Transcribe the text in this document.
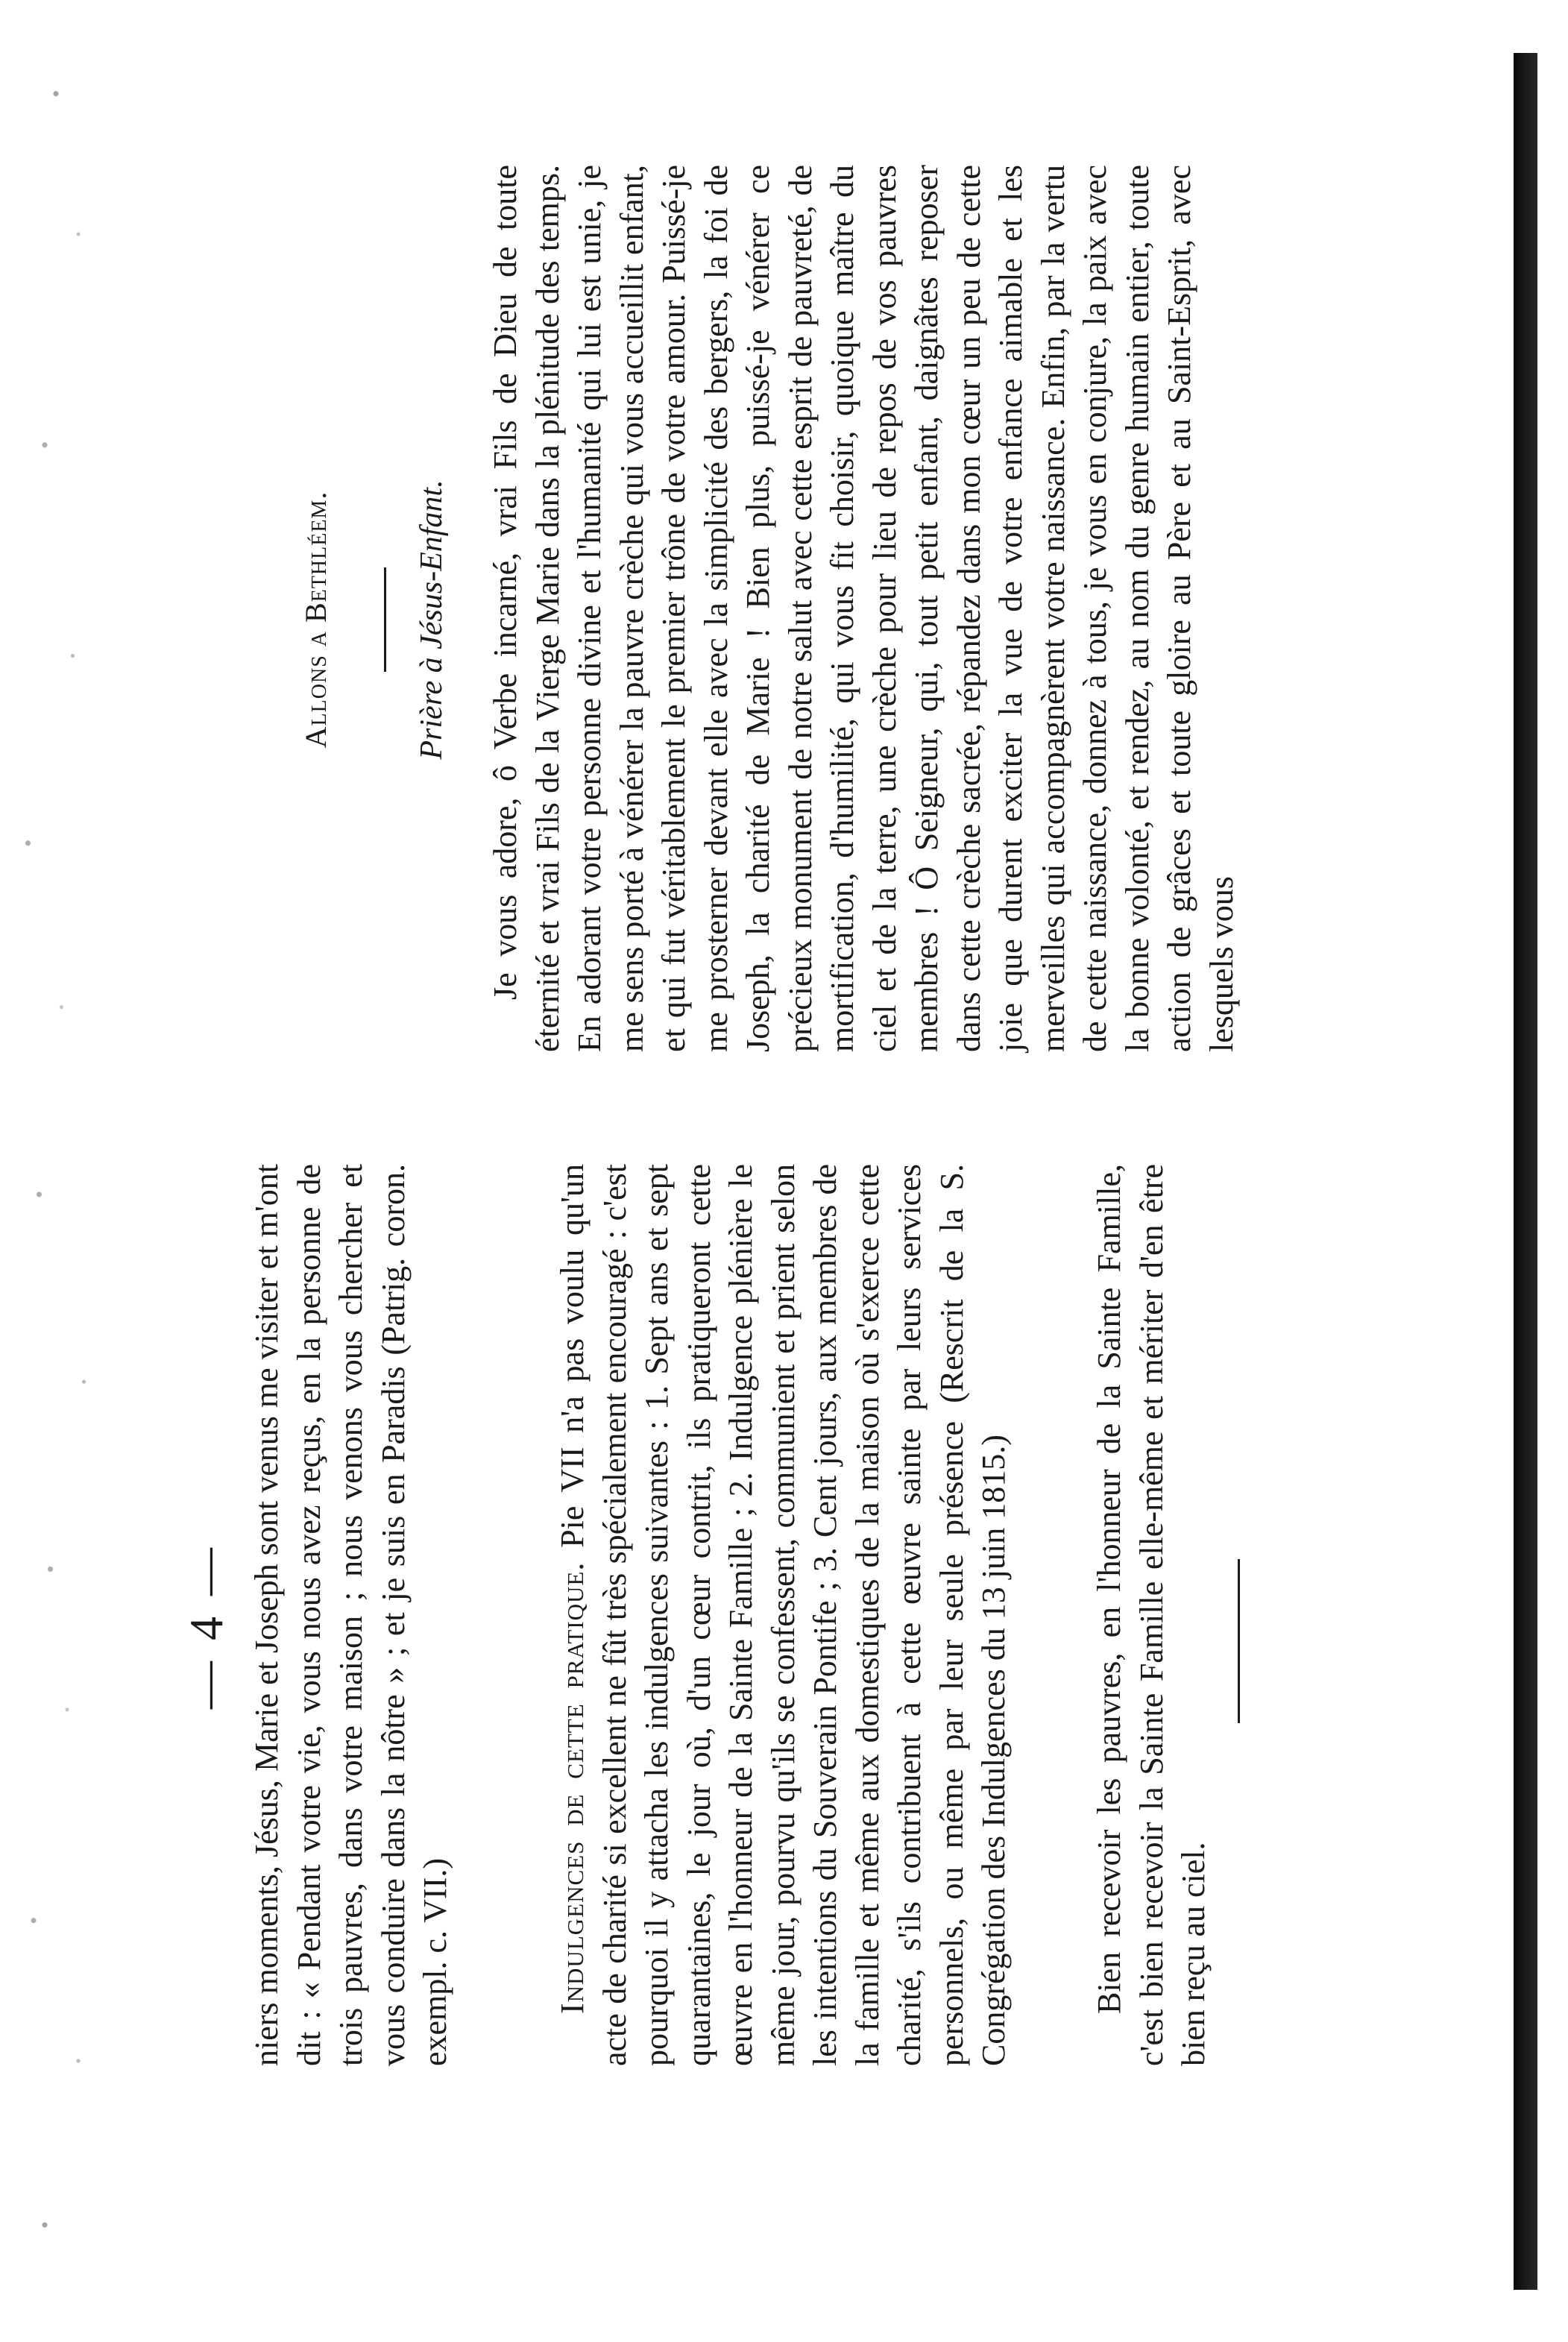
— 4 — niers moments, Jésus, Marie et Joseph sont venus me visiter et m'ont dit : « Pendant votre vie, vous nous avez reçus, en la personne de trois pauvres, dans votre maison ; nous venons vous chercher et vous conduire dans la nôtre » ; et je suis en Paradis (Patrig. coron. exempl. c. VII.)	Indulgences de cette pratique. Pie VII n'a pas voulu qu'un acte de charité si excellent ne fût très spécialement encouragé : c'est pourquoi il y attacha les indulgences suivantes : 1. Sept ans et sept quarantaines, le jour où, d'un cœur contrit, ils pratiqueront cette œuvre en l'honneur de la Sainte Famille ; 2. Indulgence plénière le même jour, pourvu qu'ils se confessent, communient et prient selon les intentions du Souverain Pontife ; 3. Cent jours, aux membres de la famille et même aux domestiques de la maison où s'exerce cette charité, s'ils contribuent à cette œuvre sainte par leurs services personnels, ou même par leur seule présence (Rescrit de la S. Congrégation des Indulgences du 13 juin 1815.) Bien recevoir les pauvres, en l'honneur de la Sainte Famille, c'est bien recevoir la Sainte Famille elle-même et mériter d'en être bien reçu au ciel.

Allons a Bethléem.	Prière à Jésus-Enfant. Je vous adore, ô Verbe incarné, vrai Fils de Dieu de toute éternité et vrai Fils de la Vierge Marie dans la plénitude des temps. En adorant votre personne divine et l'humanité qui lui est unie, je me sens porté à vénérer la pauvre crèche qui vous accueillit enfant, et qui fut véritablement le premier trône de votre amour. Puissé-je me prosterner devant elle avec la simplicité des bergers, la foi de Joseph, la charité de Marie ! Bien plus, puissé-je vénérer ce précieux monument de notre salut avec cette esprit de pauvreté, de mortification, d'humilité, qui vous fit choisir, quoique maître du ciel et de la terre, une crèche pour lieu de repos de vos pauvres membres ! Ô Seigneur, qui, tout petit enfant, daignâtes reposer dans cette crèche sacrée, répandez dans mon cœur un peu de cette joie que durent exciter la vue de votre enfance aimable et les merveilles qui accompagnèrent votre naissance. Enfin, par la vertu de cette naissance, donnez à tous, je vous en conjure, la paix avec la bonne volonté, et rendez, au nom du genre humain entier, toute action de grâces et toute gloire au Père et au Saint-Esprit, avec lesquels vous
